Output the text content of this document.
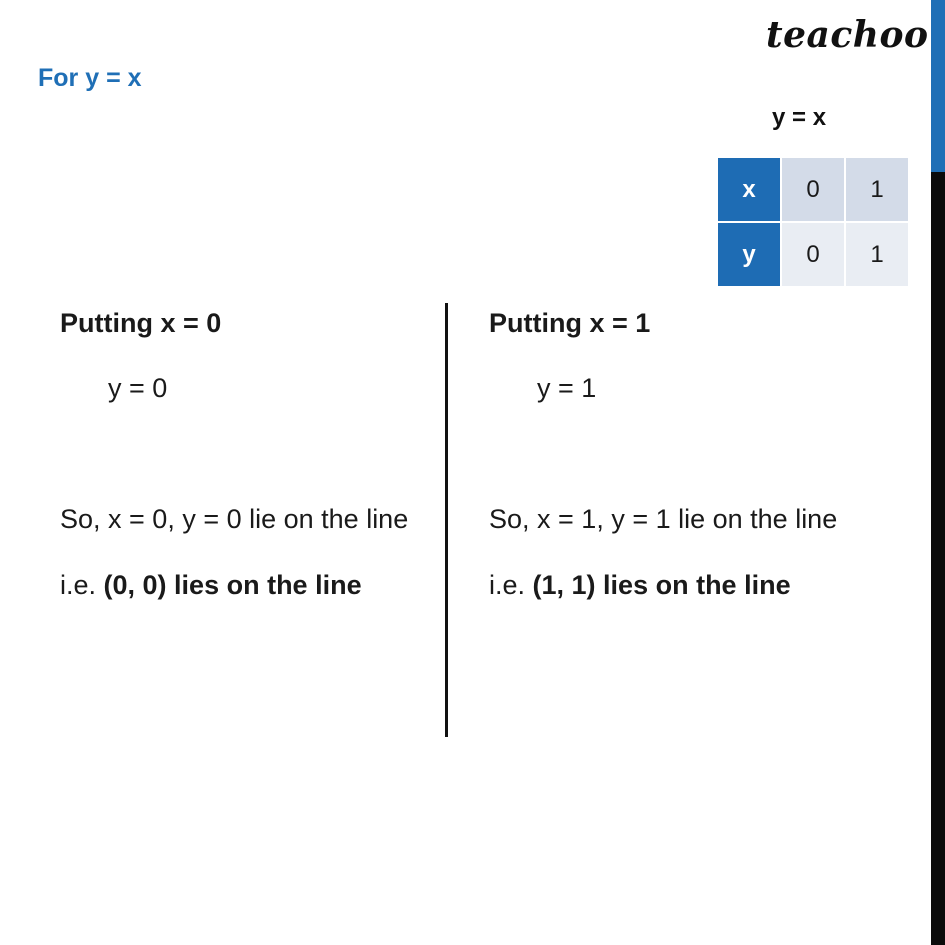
teachoo
For y = x
y = x
x	0	1
y	0	1
Putting x = 0
y = 0
So, x = 0, y = 0 lie on the line
i.e. (0, 0) lies on the line
Putting x = 1
y = 1
So, x = 1, y = 1 lie on the line
i.e. (1, 1) lies on the line
